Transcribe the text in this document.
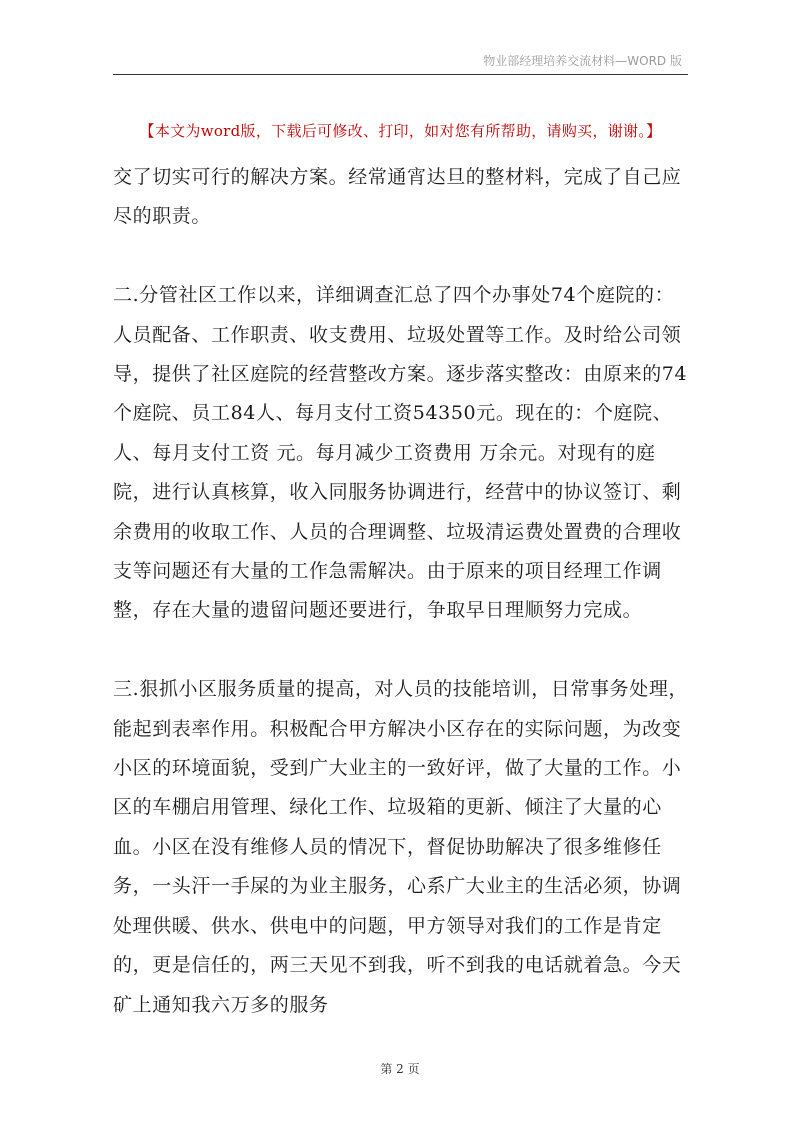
物业部经理培养交流材料—WORD 版
【本文为word版，下载后可修改、打印，如对您有所帮助，请购买，谢谢。】

交了切实可行的解决方案。经常通宵达旦的整材料，完成了自己应尽的职责。

二.分管社区工作以来，详细调查汇总了四个办事处74个庭院的：人员配备、工作职责、收支费用、垃圾处置等工作。及时给公司领导，提供了社区庭院的经营整改方案。逐步落实整改：由原来的74个庭院、员工84人、每月支付工资54350元。现在的：个庭院、人、每月支付工资 元。每月减少工资费用 万余元。对现有的庭院，进行认真核算，收入同服务协调进行，经营中的协议签订、剩余费用的收取工作、人员的合理调整、垃圾清运费处置费的合理收支等问题还有大量的工作急需解决。由于原来的项目经理工作调整，存在大量的遗留问题还要进行，争取早日理顺努力完成。

三.狠抓小区服务质量的提高，对人员的技能培训，日常事务处理，能起到表率作用。积极配合甲方解决小区存在的实际问题，为改变小区的环境面貌，受到广大业主的一致好评，做了大量的工作。小区的车棚启用管理、绿化工作、垃圾箱的更新、倾注了大量的心血。小区在没有维修人员的情况下，督促协助解决了很多维修任务，一头汗一手屎的为业主服务，心系广大业主的生活必须，协调处理供暖、供水、供电中的问题，甲方领导对我们的工作是肯定的，更是信任的，两三天见不到我，听不到我的电话就着急。今天矿上通知我六万多的服务

第 2 页
